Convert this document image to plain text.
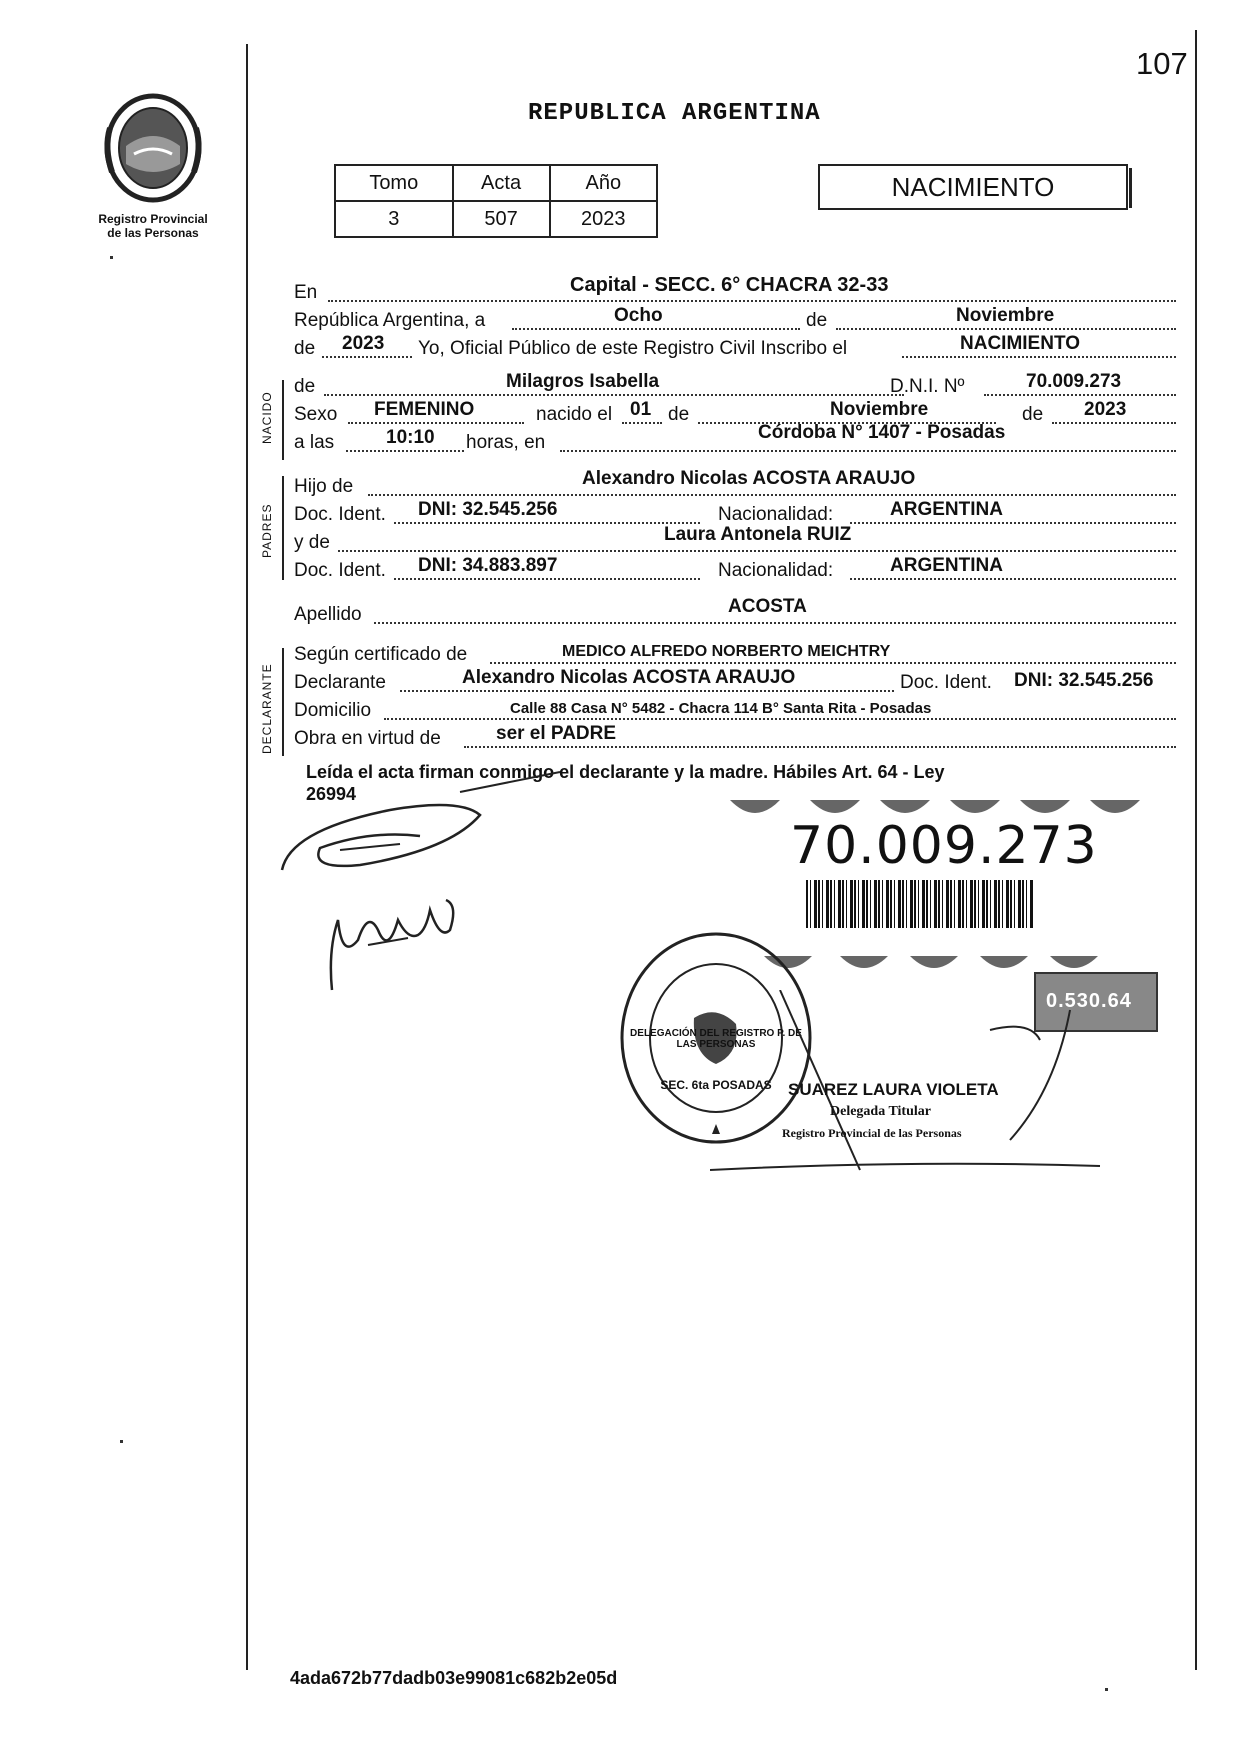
107
Registro Provincial
de las Personas
REPUBLICA ARGENTINA
Tomo	Acta	Año
3	507	2023
NACIMIENTO
NACIDO
PADRES
DECLARANTE
En	Capital - SECC. 6° CHACRA 32-33
República Argentina, a	Ocho	de	Noviembre
de 2023 Yo, Oficial Público de este Registro Civil Inscribo el	NACIMIENTO
de	Milagros Isabella	D.N.I. Nº	70.009.273
Sexo FEMENINO	nacido el 01 de	Noviembre	de 2023
a las	10:10 horas, en	Córdoba N° 1407 - Posadas
Hijo de	Alexandro Nicolas ACOSTA ARAUJO
Doc. Ident. DNI: 32.545.256	Nacionalidad:	ARGENTINA
y de	Laura Antonela RUIZ
Doc. Ident. DNI: 34.883.897	Nacionalidad:	ARGENTINA
Apellido	ACOSTA
Según certificado de	MEDICO ALFREDO NORBERTO MEICHTRY
Declarante	Alexandro Nicolas ACOSTA ARAUJO	Doc. Ident. DNI: 32.545.256
Domicilio	Calle 88 Casa N° 5482 - Chacra 114 B° Santa Rita - Posadas
Obra en virtud de	ser el PADRE
Leída el acta firman conmigo el declarante y la madre. Hábiles Art. 64 - Ley
26994
70.009.273
DELEGACIÓN DEL REGISTRO P. DE LAS PERSONAS
SEC. 6ta POSADAS
0.530.64
SUAREZ LAURA VIOLETA
Delegada Titular
Registro Provincial de las Personas
4ada672b77dadb03e99081c682b2e05d
